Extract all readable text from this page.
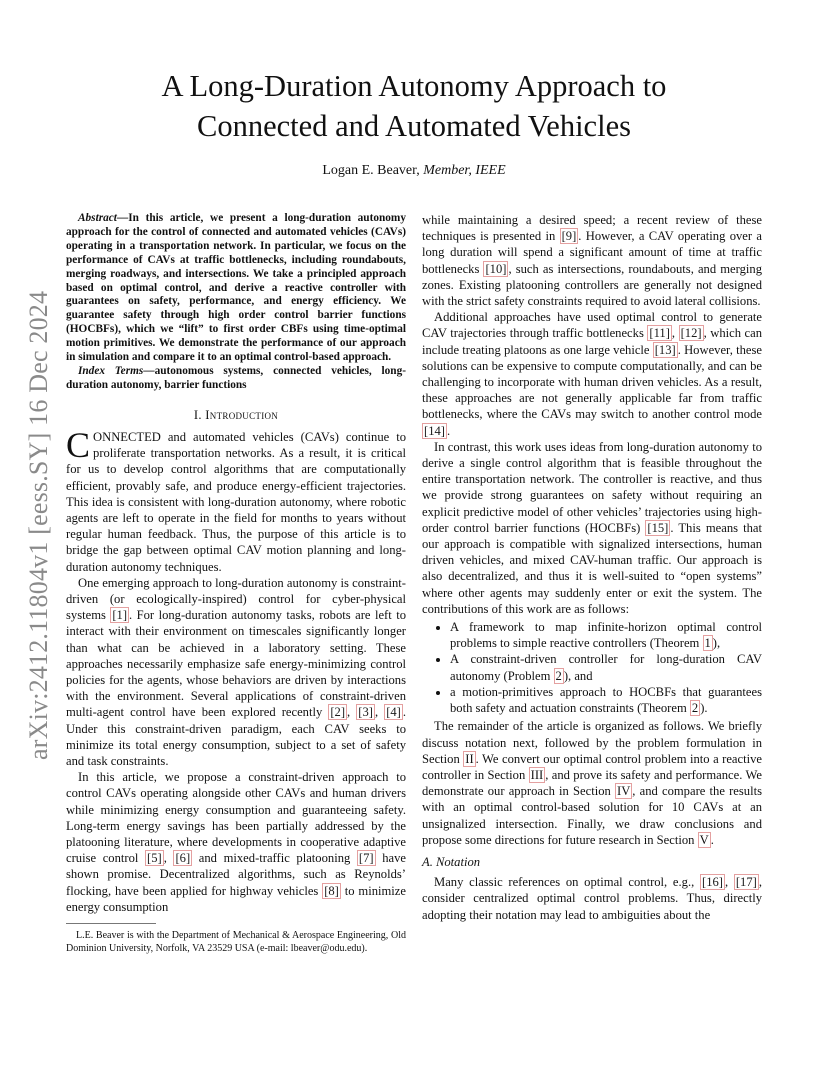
arXiv:2412.11804v1 [eess.SY] 16 Dec 2024
A Long-Duration Autonomy Approach to
Connected and Automated Vehicles
Logan E. Beaver, Member, IEEE

Abstract—In this article, we present a long-duration autonomy approach for the control of connected and automated vehicles (CAVs) operating in a transportation network. In particular, we focus on the performance of CAVs at traffic bottlenecks, including roundabouts, merging roadways, and intersections. We take a principled approach based on optimal control, and derive a reactive controller with guarantees on safety, performance, and energy efficiency. We guarantee safety through high order control barrier functions (HOCBFs), which we “lift” to first order CBFs using time-optimal motion primitives. We demonstrate the performance of our approach in simulation and compare it to an optimal control-based approach.

Index Terms—autonomous systems, connected vehicles, long-duration autonomy, barrier functions

I. Introduction

CONNECTED and automated vehicles (CAVs) continue to proliferate transportation networks. As a result, it is critical for us to develop control algorithms that are computationally efficient, provably safe, and produce energy-efficient trajectories. This idea is consistent with long-duration autonomy, where robotic agents are left to operate in the field for months to years without regular human feedback. Thus, the purpose of this article is to bridge the gap between optimal CAV motion planning and long-duration autonomy techniques.

One emerging approach to long-duration autonomy is constraint-driven (or ecologically-inspired) control for cyber-physical systems [1] . For long-duration autonomy tasks, robots are left to interact with their environment on timescales significantly longer than what can be achieved in a laboratory setting. These approaches necessarily emphasize safe energy-minimizing control policies for the agents, whose behaviors are driven by interactions with the environment. Several applications of constraint-driven multi-agent control have been explored recently [2] , [3] , [4] . Under this constraint-driven paradigm, each CAV seeks to minimize its total energy consumption, subject to a set of safety and task constraints.

In this article, we propose a constraint-driven approach to control CAVs operating alongside other CAVs and human drivers while minimizing energy consumption and guaranteeing safety. Long-term energy savings has been partially addressed by the platooning literature, where developments in cooperative adaptive cruise control [5] , [6] and mixed-traffic platooning [7] have shown promise. Decentralized algorithms, such as Reynolds’ flocking, have been applied for highway vehicles [8] to minimize energy consumption

L.E. Beaver is with the Department of Mechanical & Aerospace Engineering, Old Dominion University, Norfolk, VA 23529 USA (e-mail: lbeaver@odu.edu).

while maintaining a desired speed; a recent review of these techniques is presented in [9] . However, a CAV operating over a long duration will spend a significant amount of time at traffic bottlenecks [10] , such as intersections, roundabouts, and merging zones. Existing platooning controllers are generally not designed with the strict safety constraints required to avoid lateral collisions.

Additional approaches have used optimal control to generate CAV trajectories through traffic bottlenecks [11] , [12] , which can include treating platoons as one large vehicle [13] . However, these solutions can be expensive to compute computationally, and can be challenging to incorporate with human driven vehicles. As a result, these approaches are not generally applicable far from traffic bottlenecks, where the CAVs may switch to another control mode [14] .

In contrast, this work uses ideas from long-duration autonomy to derive a single control algorithm that is feasible throughout the entire transportation network. The controller is reactive, and thus we provide strong guarantees on safety without requiring an explicit predictive model of other vehicles’ trajectories using high-order control barrier functions (HOCBFs) [15] . This means that our approach is compatible with signalized intersections, human driven vehicles, and mixed CAV-human traffic. Our approach is also decentralized, and thus it is well-suited to “open systems” where other agents may suddenly enter or exit the system. The contributions of this work are as follows:

• A framework to map infinite-horizon optimal control problems to simple reactive controllers (Theorem 1 ),
• A constraint-driven controller for long-duration CAV autonomy (Problem 2 ), and
• a motion-primitives approach to HOCBFs that guarantees both safety and actuation constraints (Theorem 2 ).

The remainder of the article is organized as follows. We briefly discuss notation next, followed by the problem formulation in Section II . We convert our optimal control problem into a reactive controller in Section III , and prove its safety and performance. We demonstrate our approach in Section IV , and compare the results with an optimal control-based solution for 10 CAVs at an unsignalized intersection. Finally, we draw conclusions and propose some directions for future research in Section V .

A. Notation

Many classic references on optimal control, e.g., [16] , [17] , consider centralized optimal control problems. Thus, directly adopting their notation may lead to ambiguities about the
